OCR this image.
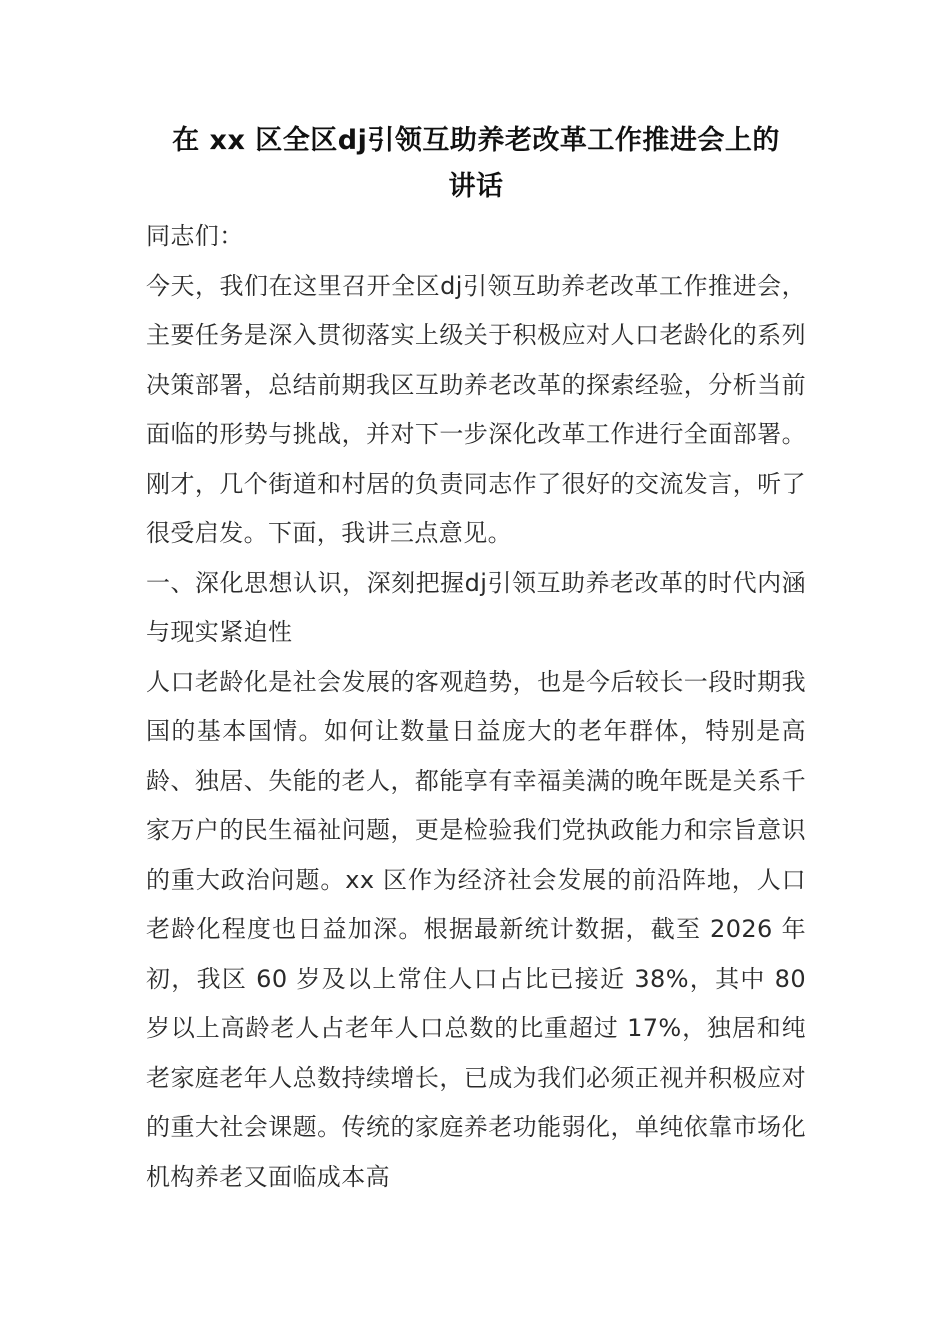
在 xx 区全区dj引领互助养老改革工作推进会上的
讲话

同志们：

今天，我们在这里召开全区dj引领互助养老改革工作推进会，主要任务是深入贯彻落实上级关于积极应对人口老龄化的系列决策部署，总结前期我区互助养老改革的探索经验，分析当前面临的形势与挑战，并对下一步深化改革工作进行全面部署。刚才，几个街道和村居的负责同志作了很好的交流发言，听了很受启发。下面，我讲三点意见。

一、深化思想认识，深刻把握dj引领互助养老改革的时代内涵与现实紧迫性

人口老龄化是社会发展的客观趋势，也是今后较长一段时期我国的基本国情。如何让数量日益庞大的老年群体，特别是高龄、独居、失能的老人，都能享有幸福美满的晚年既是关系千家万户的民生福祉问题，更是检验我们党执政能力和宗旨意识的重大政治问题。xx 区作为经济社会发展的前沿阵地，人口老龄化程度也日益加深。根据最新统计数据，截至 2026 年初，我区 60 岁及以上常住人口占比已接近 38%，其中 80 岁以上高龄老人占老年人口总数的比重超过 17%，独居和纯老家庭老年人总数持续增长，已成为我们必须正视并积极应对的重大社会课题。传统的家庭养老功能弱化，单纯依靠市场化机构养老又面临成本高
